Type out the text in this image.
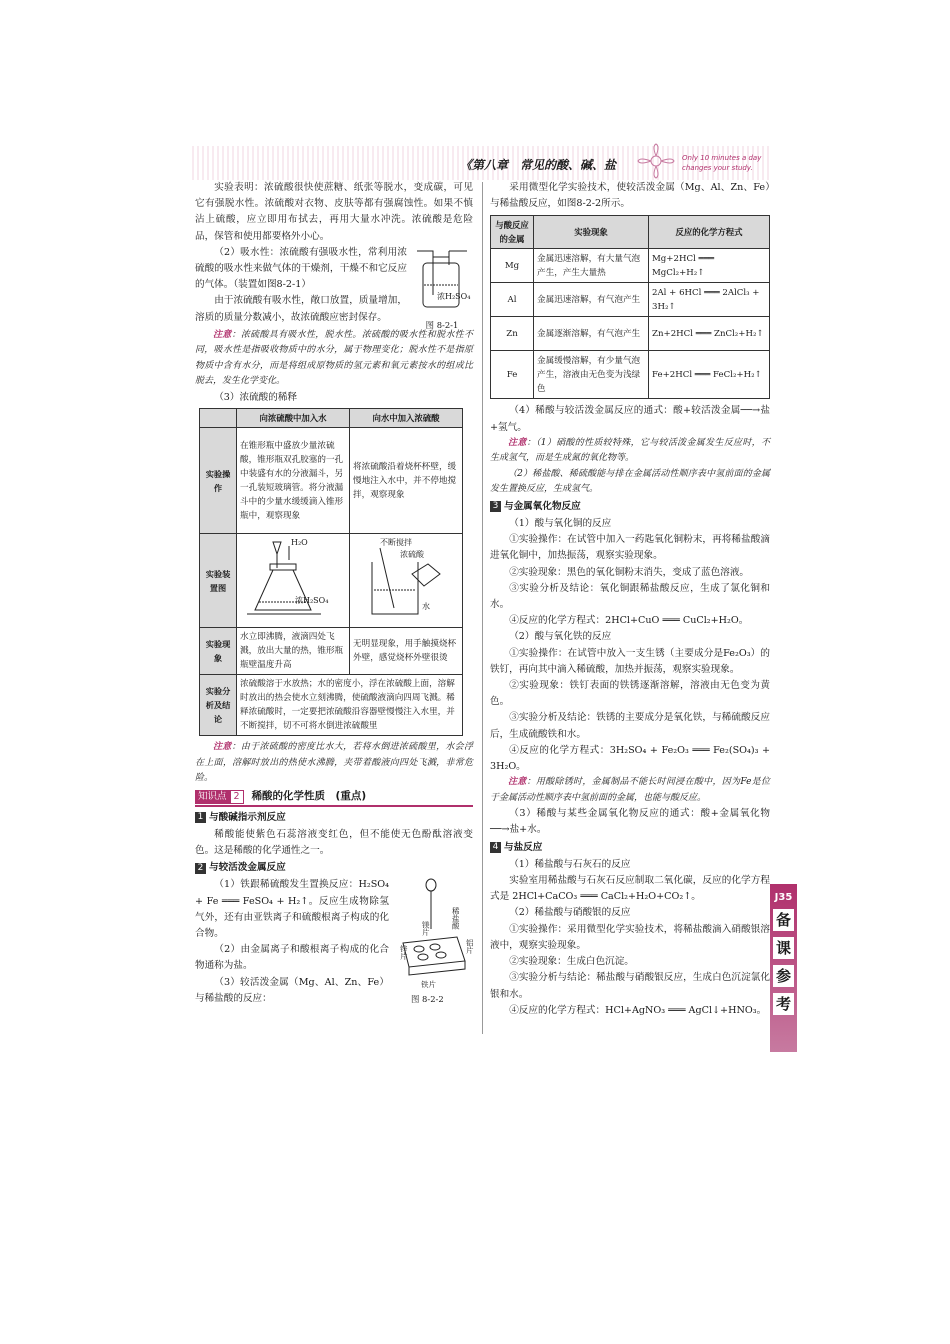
《第八章　常见的酸、碱、盐	Only 10 minutes a day
changes your study.

实验表明：浓硫酸很快使蔗糖、纸张等脱水，变成碳，可见它有强脱水性。浓硫酸对衣物、皮肤等都有强腐蚀性。如果不慎沾上硫酸，应立即用布拭去，再用大量水冲洗。浓硫酸是危险品，保管和使用都要格外小心。

浓H₂SO₄
图 8-2-1

（2）吸水性：浓硫酸有强吸水性，常利用浓硫酸的吸水性来做气体的干燥剂，干燥不和它反应的气体。（装置如图8-2-1）

由于浓硫酸有吸水性，敞口放置，质量增加，溶质的质量分数减小，故浓硫酸应密封保存。

注意：浓硫酸具有吸水性，脱水性。浓硫酸的吸水性和脱水性不同，吸水性是指吸收物质中的水分，属于物理变化；脱水性不是指原物质中含有水分，而是将组成原物质的氢元素和氧元素按水的组成比脱去，发生化学变化。

（3）浓硫酸的稀释

	向浓硫酸中加入水	向水中加入浓硫酸
实验操作	在锥形瓶中盛放少量浓硫酸，锥形瓶双孔胶塞的一孔中装盛有水的分液漏斗，另一孔装短玻璃管。将分液漏斗中的少量水缓缓滴入锥形瓶中，观察现象	将浓硫酸沿着烧杯杯壁，缓慢地注入水中，并不停地搅拌，观察现象
实验装置图	H₂O
浓H₂SO₄	不断搅拌
浓硫酸
水

实验现象	水立即沸腾，液滴四处飞溅，放出大量的热，锥形瓶瓶壁温度升高	无明显现象，用手触摸烧杯外壁，感觉烧杯外壁很烫
实验分析及结论	浓硫酸溶于水放热；水的密度小，浮在浓硫酸上面，溶解时放出的热会使水立刻沸腾，使硫酸液滴向四周飞溅。稀释浓硫酸时，一定要把浓硫酸沿容器壁慢慢注入水里，并不断搅拌，切不可将水倒进浓硫酸里	

注意：由于浓硫酸的密度比水大，若将水倒进浓硫酸里，水会浮在上面，溶解时放出的热使水沸腾，夹带着酸液向四处飞溅，非常危险。

知识点 2	稀酸的化学性质　(重点)
1 与酸碱指示剂反应

稀酸能使紫色石蕊溶液变红色，但不能使无色酚酞溶液变色。这是稀酸的化学通性之一。

2 与较活泼金属反应
稀盐酸
镁片
锌片	铝片
铁片
图 8-2-2

（1）铁跟稀硫酸发生置换反应：H₂SO₄ + Fe ═══ FeSO₄ + H₂↑。反应生成物除氢气外，还有由亚铁离子和硫酸根离子构成的化合物。

（2）由金属离子和酸根离子构成的化合物通称为盐。

（3）较活泼金属（Mg、Al、Zn、Fe）与稀盐酸的反应：

采用微型化学实验技术，使较活泼金属（Mg、Al、Zn、Fe）与稀盐酸反应，如图8-2-2所示。

与酸反应的金属	实验现象	反应的化学方程式
Mg	金属迅速溶解，有大量气泡产生，产生大量热	Mg+2HCl ═══ MgCl₂+H₂↑
Al	金属迅速溶解，有气泡产生	2Al + 6HCl ═══ 2AlCl₃ + 3H₂↑
Zn	金属逐渐溶解，有气泡产生	Zn+2HCl ═══ ZnCl₂+H₂↑
Fe	金属缓慢溶解，有少量气泡产生，溶液由无色变为浅绿色	Fe+2HCl ═══ FeCl₂+H₂↑

（4）稀酸与较活泼金属反应的通式：酸+较活泼金属──→盐+氢气。

注意：（1）硝酸的性质较特殊，它与较活泼金属发生反应时，不生成氢气，而是生成氮的氧化物等。

（2）稀盐酸、稀硫酸能与排在金属活动性顺序表中氢前面的金属发生置换反应，生成氢气。

3 与金属氧化物反应

（1）酸与氧化铜的反应

①实验操作：在试管中加入一药匙氧化铜粉末，再将稀盐酸滴进氧化铜中，加热振荡，观察实验现象。

②实验现象：黑色的氧化铜粉末消失，变成了蓝色溶液。

③实验分析及结论：氧化铜跟稀盐酸反应，生成了氯化铜和水。

④反应的化学方程式：2HCl+CuO ═══ CuCl₂+H₂O。

（2）酸与氧化铁的反应

①实验操作：在试管中放入一支生锈（主要成分是Fe₂O₃）的铁钉，再向其中滴入稀硫酸，加热并振荡，观察实验现象。

②实验现象：铁钉表面的铁锈逐渐溶解，溶液由无色变为黄色。

③实验分析及结论：铁锈的主要成分是氧化铁，与稀硫酸反应后，生成硫酸铁和水。

④反应的化学方程式：3H₂SO₄ + Fe₂O₃ ═══ Fe₂(SO₄)₃ + 3H₂O。

注意：用酸除锈时，金属制品不能长时间浸在酸中，因为Fe是位于金属活动性顺序表中氢前面的金属，也能与酸反应。

（3）稀酸与某些金属氧化物反应的通式：酸+金属氧化物──→盐+水。

4 与盐反应

（1）稀盐酸与石灰石的反应

实验室用稀盐酸与石灰石反应制取二氧化碳，反应的化学方程式是 2HCl+CaCO₃ ═══ CaCl₂+H₂O+CO₂↑。

（2）稀盐酸与硝酸银的反应

①实验操作：采用微型化学实验技术，将稀盐酸滴入硝酸银溶液中，观察实验现象。

②实验现象：生成白色沉淀。

③实验分析与结论：稀盐酸与硝酸银反应，生成白色沉淀氯化银和水。

④反应的化学方程式：HCl+AgNO₃ ═══ AgCl↓+HNO₃。

J35
备
课
参
考
